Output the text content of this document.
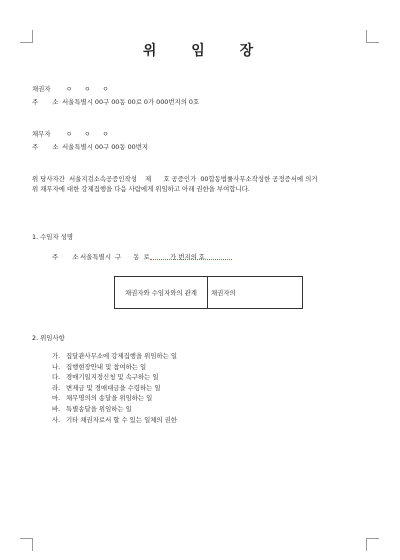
위 임 장
채권자 ㅇ ㅇ ㅇ
주 소
서울특별시 00구 00동 00로 0가 000번지의 0호
채무자 ㅇ ㅇ ㅇ
주 소
서울특별시 00구 00동 00번지
위 당사자간  서울지검소속공증인작성    제      호 공증인가  00합동법률사무소작성한 공정증서에 의거
위 채무자에 대한 강제집행을 다음 사람에게 위임하고 아래 권한을 부여합니다.
1. 수임자 성명
주 소
서울특별시  구      동  로          가 번지의 호
채권자와 수임자와의 관계	채권자의
2. 위임사항
가. 집달관사무소에 강제집행을 위임하는 일
나. 집행현장안내 및 참여하는 일
다. 경매기일지정신청 및 속구하는 일
라. 변제금 및 경매대금을 수령하는 일
마. 채무명의의 송달을 위임하는 일
바. 특별송달을 위임하는 일
사. 기타 채권자로서 할 수 있는 일체의 권한
